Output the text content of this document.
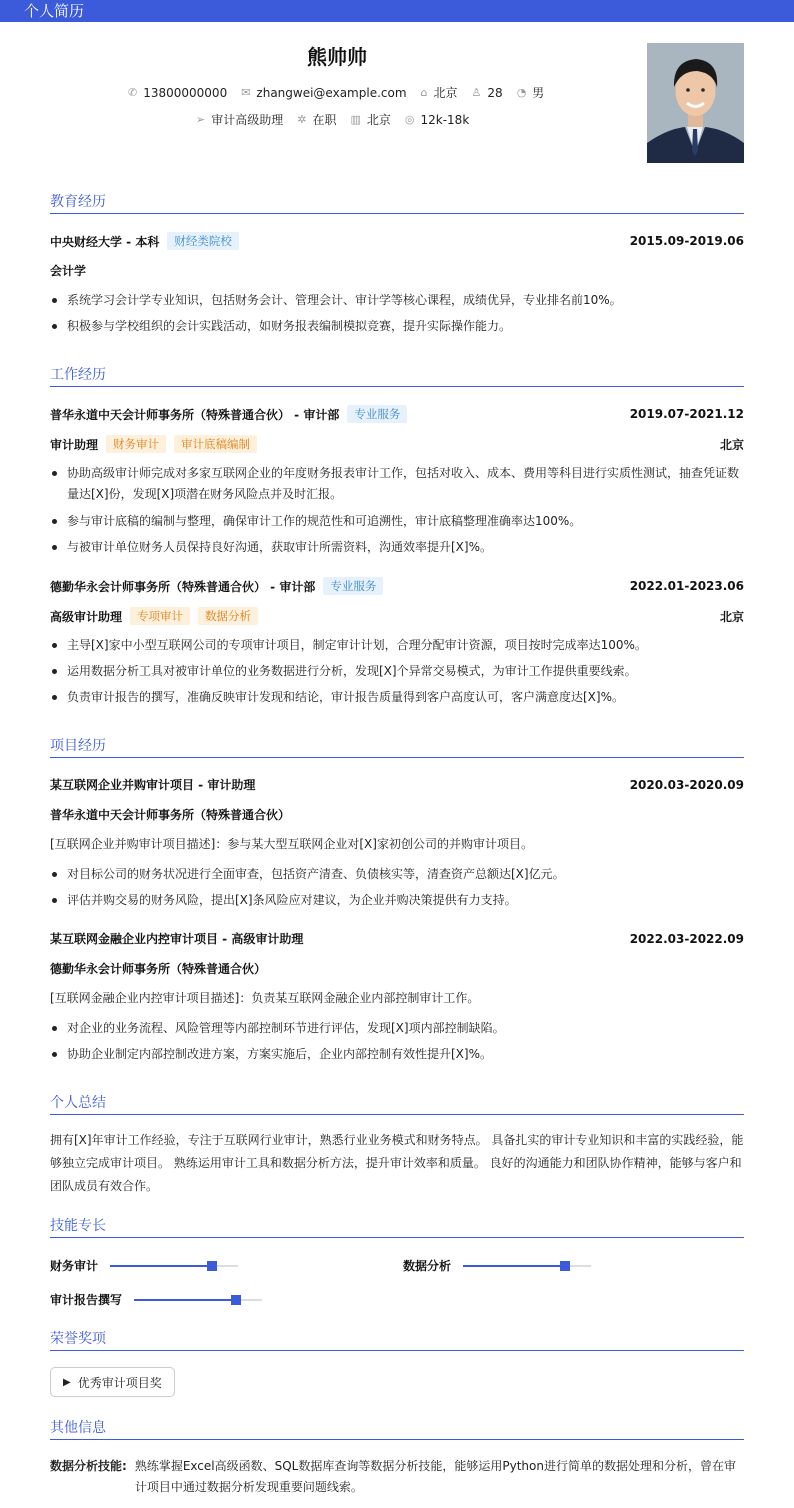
个人简历
熊帅帅
✆ 13800000000 ✉ zhangwei@example.com ⌂ 北京 ♙ 28 ◔ 男
➢ 审计高级助理 ✲ 在职 ▥ 北京 ◎ 12k-18k
教育经历
中央财经大学 - 本科	财经类院校	2015.09-2019.06
会计学
系统学习会计学专业知识，包括财务会计、管理会计、审计学等核心课程，成绩优异，专业排名前10%。
积极参与学校组织的会计实践活动，如财务报表编制模拟竞赛，提升实际操作能力。
工作经历
普华永道中天会计师事务所（特殊普通合伙） - 审计部	专业服务	2019.07-2021.12
审计助理	财务审计	审计底稿编制	北京
协助高级审计师完成对多家互联网企业的年度财务报表审计工作，包括对收入、成本、费用等科目进行实质性测试，抽查凭证数量达[X]份，发现[X]项潜在财务风险点并及时汇报。
参与审计底稿的编制与整理，确保审计工作的规范性和可追溯性，审计底稿整理准确率达100%。
与被审计单位财务人员保持良好沟通，获取审计所需资料，沟通效率提升[X]%。
德勤华永会计师事务所（特殊普通合伙） - 审计部	专业服务	2022.01-2023.06
高级审计助理	专项审计	数据分析	北京
主导[X]家中小型互联网公司的专项审计项目，制定审计计划，合理分配审计资源，项目按时完成率达100%。
运用数据分析工具对被审计单位的业务数据进行分析，发现[X]个异常交易模式，为审计工作提供重要线索。
负责审计报告的撰写，准确反映审计发现和结论，审计报告质量得到客户高度认可，客户满意度达[X]%。
项目经历
某互联网企业并购审计项目 - 审计助理	2020.03-2020.09
普华永道中天会计师事务所（特殊普通合伙）
[互联网企业并购审计项目描述]：参与某大型互联网企业对[X]家初创公司的并购审计项目。
对目标公司的财务状况进行全面审查，包括资产清查、负债核实等，清查资产总额达[X]亿元。
评估并购交易的财务风险，提出[X]条风险应对建议，为企业并购决策提供有力支持。
某互联网金融企业内控审计项目 - 高级审计助理	2022.03-2022.09
德勤华永会计师事务所（特殊普通合伙）
[互联网金融企业内控审计项目描述]：负责某互联网金融企业内部控制审计工作。
对企业的业务流程、风险管理等内部控制环节进行评估，发现[X]项内部控制缺陷。
协助企业制定内部控制改进方案，方案实施后，企业内部控制有效性提升[X]%。
个人总结
拥有[X]年审计工作经验，专注于互联网行业审计，熟悉行业业务模式和财务特点。 具备扎实的审计专业知识和丰富的实践经验，能够独立完成审计项目。 熟练运用审计工具和数据分析方法，提升审计效率和质量。 良好的沟通能力和团队协作精神，能够与客户和团队成员有效合作。
技能专长
财务审计	数据分析
审计报告撰写
荣誉奖项
▶ 优秀审计项目奖
其他信息
数据分析技能: 熟练掌握Excel高级函数、SQL数据库查询等数据分析技能，能够运用Python进行简单的数据处理和分析，曾在审计项目中通过数据分析发现重要问题线索。
